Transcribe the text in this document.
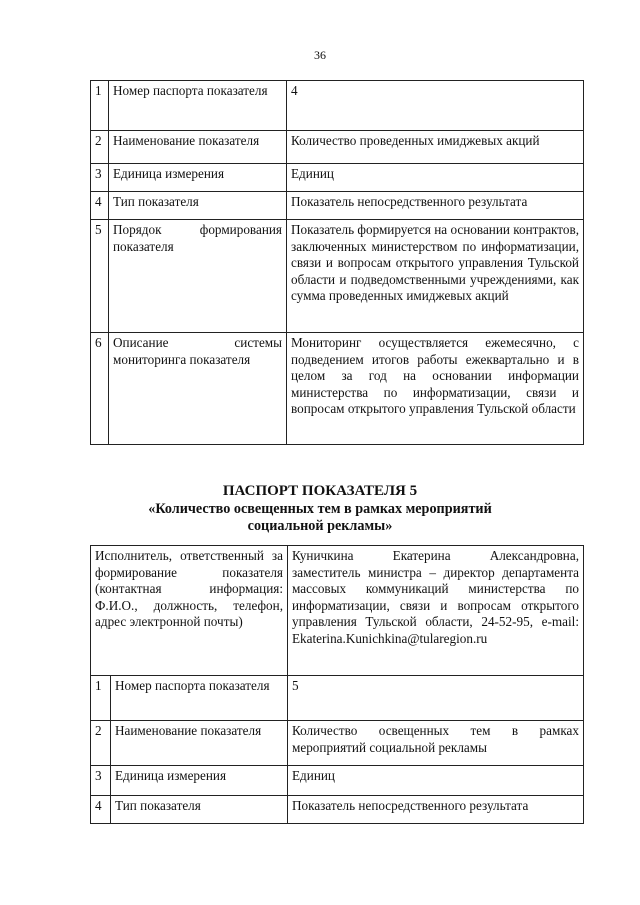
36
1	Номер паспорта показателя	4
2	Наименование показателя	Количество проведенных имиджевых акций
3	Единица измерения	Единиц
4	Тип показателя	Показатель непосредственного результата
5	Порядок формирования показателя	Показатель формируется на основании контрактов, заключенных министерством по информатизации, связи и вопросам открытого управления Тульской области и подведомственными учреждениями, как сумма проведенных имиджевых акций
6	Описание системы мониторинга показателя	Мониторинг осуществляется ежемесячно, с подведением итогов работы ежеквартально и в целом за год на основании информации министерства по информатизации, связи и вопросам открытого управления Тульской области
ПАСПОРТ ПОКАЗАТЕЛЯ 5
«Количество освещенных тем в рамках мероприятий
социальной рекламы»
Исполнитель, ответственный за формирование показателя (контактная информация: Ф.И.О., должность, телефон, адрес электронной почты)		Куничкина Екатерина Александровна, заместитель министра – директор департамента массовых коммуникаций министерства по информатизации, связи и вопросам открытого управления Тульской области, 24-52-95, e-mail: Ekaterina.Kunichkina@tularegion.ru
1	Номер паспорта показателя	5
2	Наименование показателя	Количество освещенных тем в рамках мероприятий социальной рекламы
3	Единица измерения	Единиц
4	Тип показателя	Показатель непосредственного результата
